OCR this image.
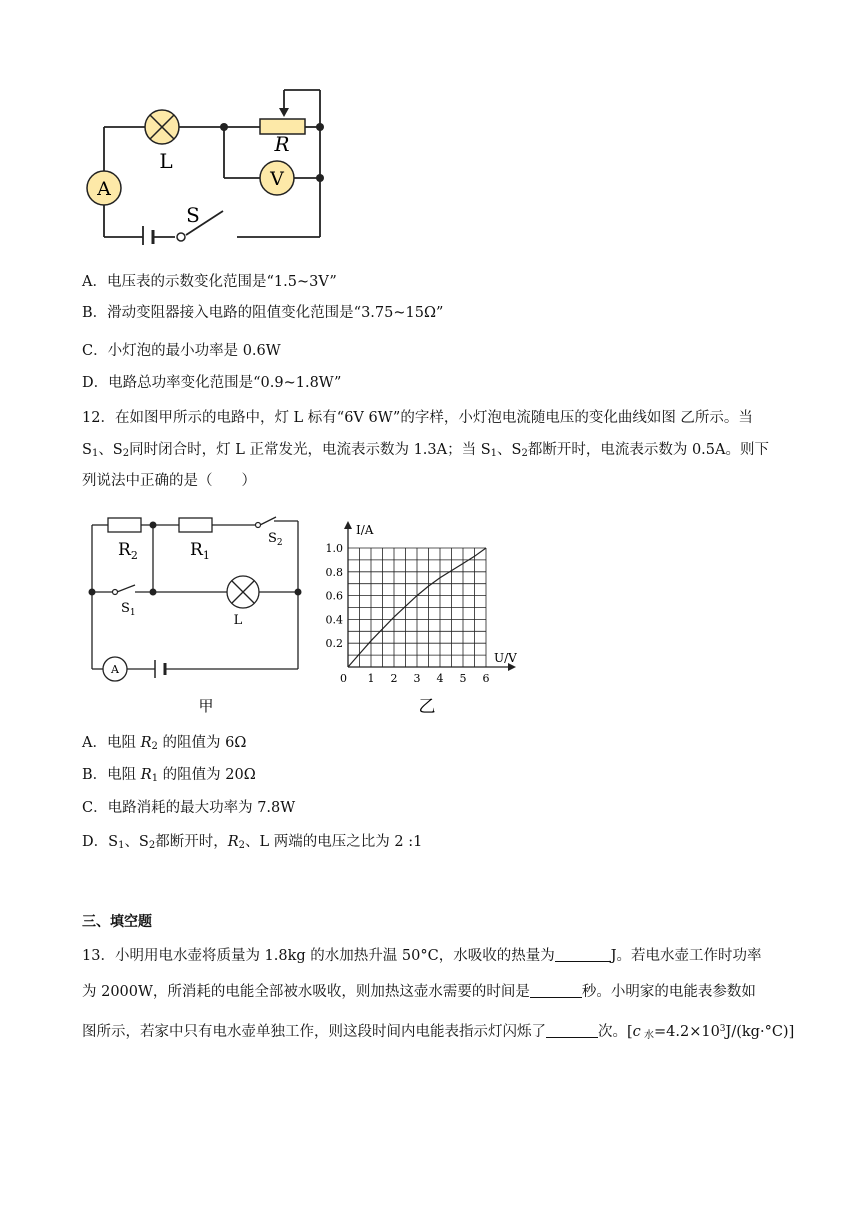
A	V
L
R
S
A．电压表的示数变化范围是“1.5~3V”
B．滑动变阻器接入电路的阻值变化范围是“3.75~15Ω”
C．小灯泡的最小功率是 0.6W
D．电路总功率变化范围是“0.9~1.8W”
12．在如图甲所示的电路中，灯 L 标有“6V 6W”的字样，小灯泡电流随电压的变化曲线如图 乙所示。当
$S_1$、$S_2$同时闭合时，灯 L 正常发光，电流表示数为 1.3A；当 $S_1$、$S_2$都断开时，电流表示数为 0.5A。则下
列说法中正确的是（　　）
$R_2$	$R_1$
$S_2$
$S_1$	L
A
甲
1 2 3 4 5 6
0.2
0.4
0.6
0.8
1.0
I/A
U/V
0
乙
A．电阻 $R_2$ 的阻值为 6Ω
B．电阻 $R_1$ 的阻值为 20Ω
C．电路消耗的最大功率为 7.8W
D．$S_1$、$S_2$都断开时，$R_2$、L 两端的电压之比为 2 :1
三、填空题
13．小明用电水壶将质量为 1.8kg 的水加热升温 50°C，水吸收的热量为	J。若电水壶工作时功率
为 2000W，所消耗的电能全部被水吸收，则加热这壶水需要的时间是	秒。小明家的电能表参数如
图所示，若家中只有电水壶单独工作，则这段时间内电能表指示灯闪烁了	次。[c $_水=4.2\times 10^3J/(kg\cdot^\circ C)$]
